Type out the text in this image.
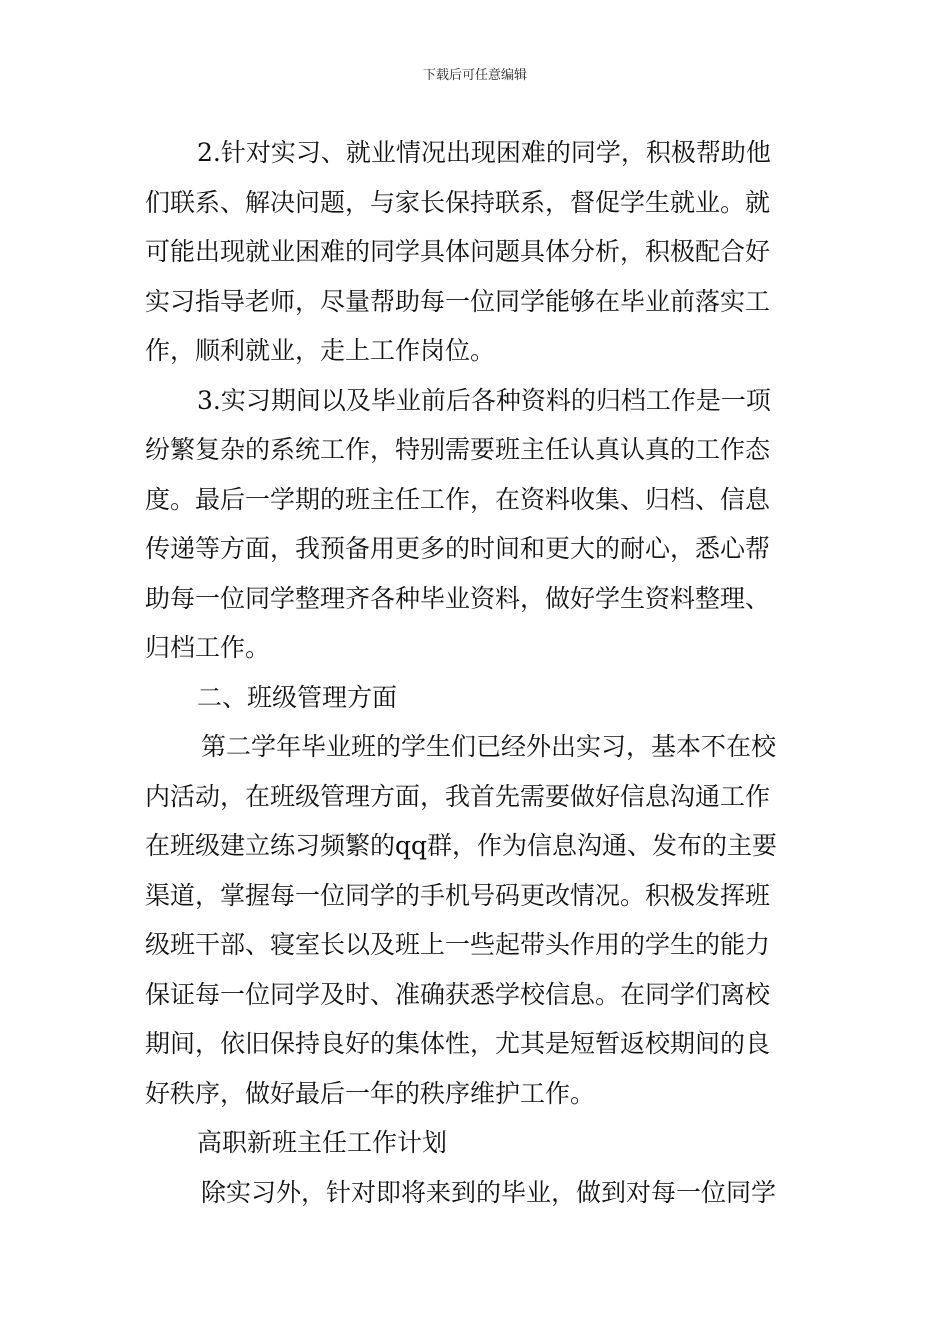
下载后可任意编辑
2.针对实习、就业情况出现困难的同学，积极帮助他
们联系、解决问题，与家长保持联系，督促学生就业。就
可能出现就业困难的同学具体问题具体分析，积极配合好
实习指导老师，尽量帮助每一位同学能够在毕业前落实工
作，顺利就业，走上工作岗位。
3.实习期间以及毕业前后各种资料的归档工作是一项
纷繁复杂的系统工作，特别需要班主任认真认真的工作态
度。最后一学期的班主任工作，在资料收集、归档、信息
传递等方面，我预备用更多的时间和更大的耐心，悉心帮
助每一位同学整理齐各种毕业资料，做好学生资料整理、
归档工作。
二、班级管理方面
第二学年毕业班的学生们已经外出实习，基本不在校
内活动，在班级管理方面，我首先需要做好信息沟通工作
在班级建立练习频繁的qq群，作为信息沟通、发布的主要
渠道，掌握每一位同学的手机号码更改情况。积极发挥班
级班干部、寝室长以及班上一些起带头作用的学生的能力
保证每一位同学及时、准确获悉学校信息。在同学们离校
期间，依旧保持良好的集体性，尤其是短暂返校期间的良
好秩序，做好最后一年的秩序维护工作。
高职新班主任工作计划
除实习外，针对即将来到的毕业，做到对每一位同学
